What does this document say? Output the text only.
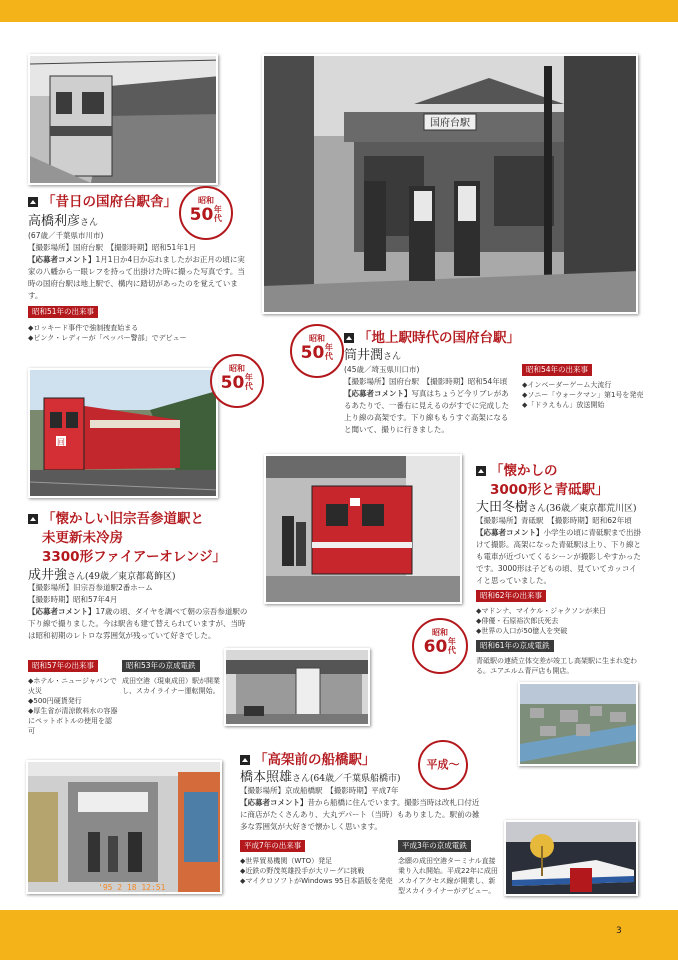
3
「昔日の国府台駅舎」	昭和
50年代
高橋利彦さん
(67歳／千葉県市川市)
【撮影場所】国府台駅　【撮影時期】昭和51年1月
【応募者コメント】1月1日か4日か忘れましたがお正月の頃に実家の八幡から一眼レフを持って出掛けた時に撮った写真です。当時の国府台駅は地上駅で、構内に踏切があったのを覚えています。
昭和51年の出来事
◆ロッキード事件で強制捜査始まる
◆ピンク・レディーが「ペッパー警部」でデビュー
国府台駅
昭和
50年代
「地上駅時代の国府台駅」
筒井潤さん
(45歳／埼玉県川口市)
【撮影場所】国府台駅　【撮影時期】昭和54年頃
【応募者コメント】写真はちょうど今リブレがあるあたりで、一番右に見えるのがすでに完成した上り線の高架です。下り線ももうすぐ高架になると聞いて、撮りに行きました。
昭和54年の出来事
◆インベーダーゲーム大流行
◆ソニー「ウォークマン」第1号を発売
◆「ドラえもん」放送開始
回
昭和
50年代
「懐かしい旧宗吾参道駅と
未更新未冷房
3300形ファイアーオレンジ」
成井強さん(49歳／東京都葛飾区)
【撮影場所】旧宗吾参道駅2番ホーム
【撮影時期】昭和57年4月
【応募者コメント】17歳の頃、ダイヤを調べて朝の宗吾参道駅の下り線で撮りました。今は駅舎も建て替えられていますが、当時は昭和初期のレトロな雰囲気が残っていて好きでした。
昭和57年の出来事
◆ホテル・ニュージャパンで火災
◆500円硬貨発行
◆厚生省が清涼飲料水の容器にペットボトルの使用を認可
昭和53年の京成電鉄
成田空港（現東成田）駅が開業し、スカイライナー運転開始。
「懐かしの
3000形と青砥駅」
大田冬樹さん(36歳／東京都荒川区)
【撮影場所】青砥駅　【撮影時期】昭和62年頃
【応募者コメント】小学生の頃に青砥駅まで出掛けて撮影。高架になった青砥駅は上り、下り線とも電車が近づいてくるシーンが撮影しやすかったです。3000形は子どもの頃、見ていてカッコイイと思っていました。
昭和62年の出来事
◆マドンナ、マイケル・ジャクソンが来日
◆俳優・石原裕次郎氏死去
◆世界の人口が50億人を突破
昭和
60年代
昭和61年の京成電鉄
青砥駅の連続立体交差が竣工し高架駅に生まれ変わる。ユアエルム青戸店も開店。
'95 2 18 12:51
「高架前の船橋駅」	平成〜
橋本照雄さん(64歳／千葉県船橋市)
【撮影場所】京成船橋駅　【撮影時期】平成7年
【応募者コメント】昔から船橋に住んでいます。撮影当時は改札口付近に商店がたくさんあり、大丸デパート（当時）もありました。駅前の雑多な雰囲気が大好きで懐かしく思います。
平成7年の出来事
◆世界貿易機関（WTO）発足
◆近鉄の野茂英雄投手が大リーグに挑戦
◆マイクロソフトがWindows 95日本語版を発売
平成3年の京成電鉄
念願の成田空港ターミナル直接乗り入れ開始。平成22年に成田スカイアクセス線が開業し、新型スカイライナーがデビュー。
